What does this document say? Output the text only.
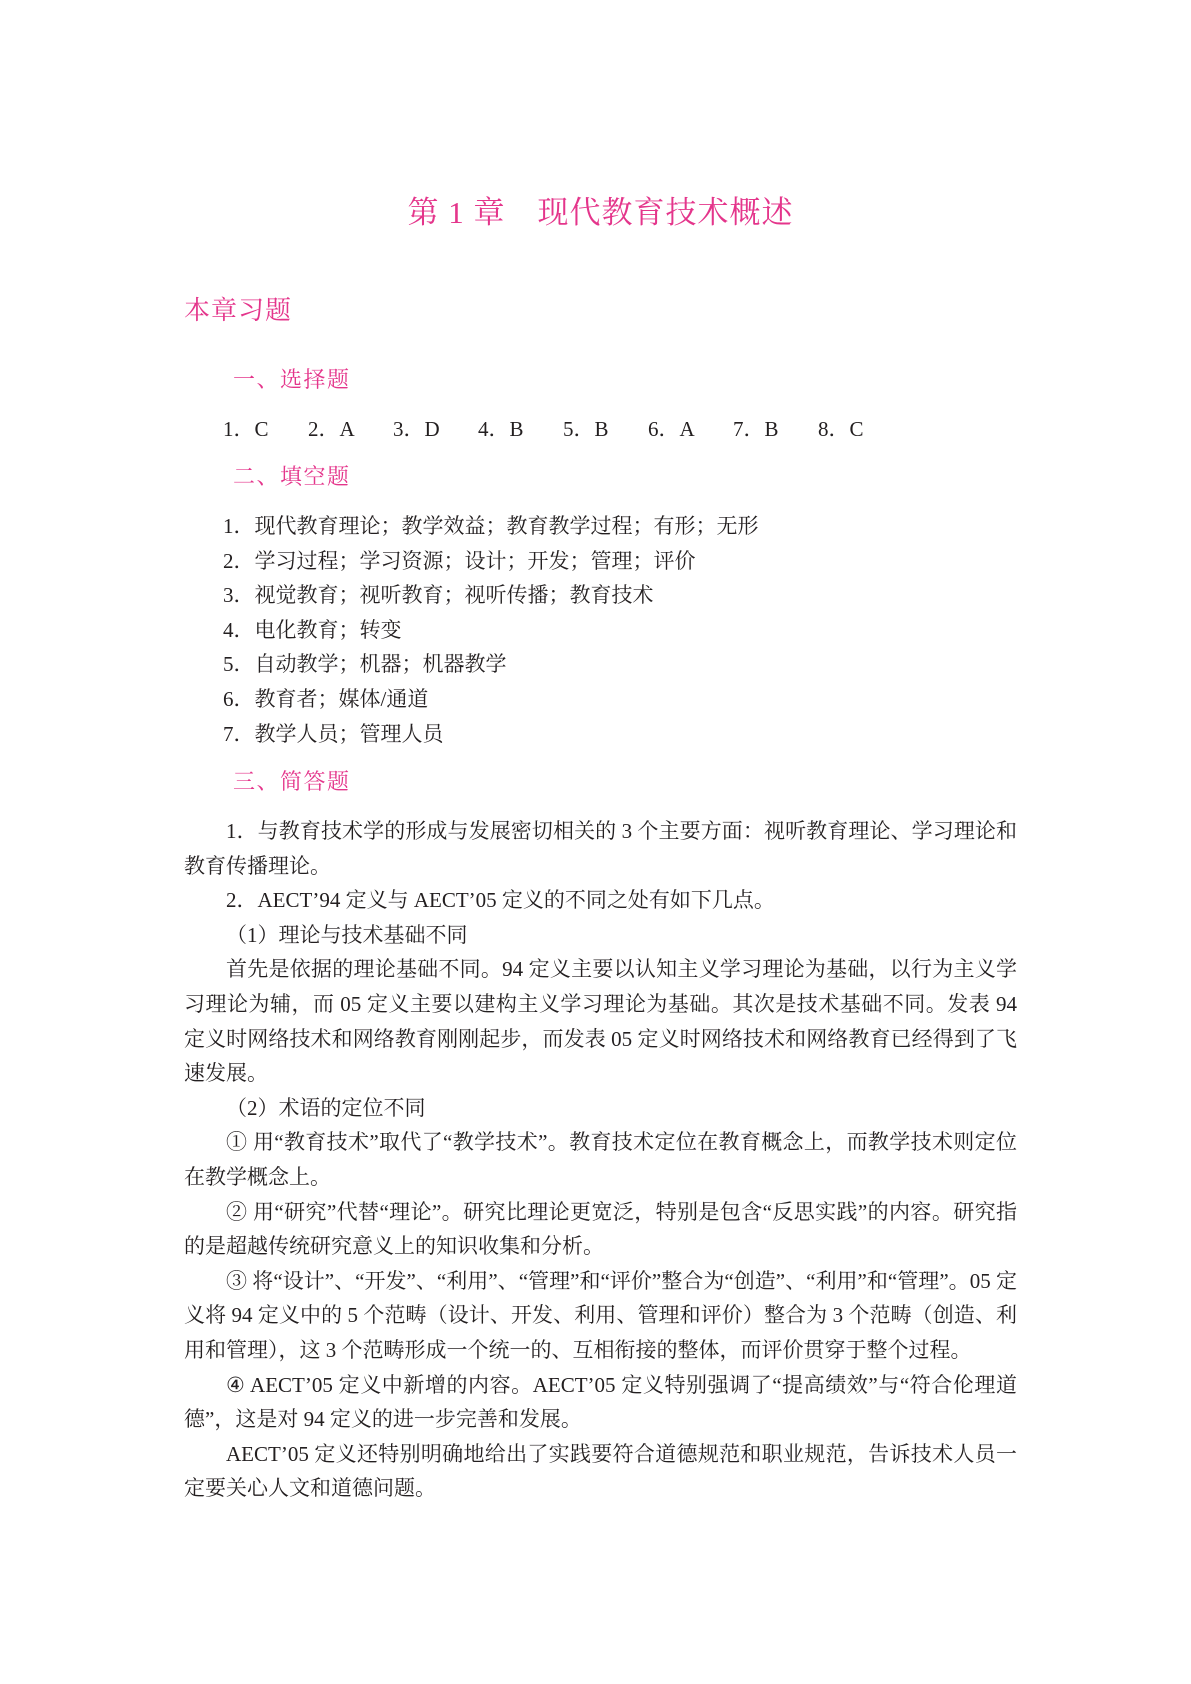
第 1 章　现代教育技术概述
本章习题
一、选择题
1．C	2．A	3．D	4．B	5．B	6．A	7．B	8．C
二、填空题

1．现代教育理论；教学效益；教育教学过程；有形；无形

2．学习过程；学习资源；设计；开发；管理；评价

3．视觉教育；视听教育；视听传播；教育技术

4．电化教育；转变

5．自动教学；机器；机器教学

6．教育者；媒体/通道

7．教学人员；管理人员

三、简答题

1．与教育技术学的形成与发展密切相关的 3 个主要方面：视听教育理论、学习理论和教育传播理论。

2．AECT’94 定义与 AECT’05 定义的不同之处有如下几点。

（1）理论与技术基础不同

首先是依据的理论基础不同。94 定义主要以认知主义学习理论为基础，以行为主义学习理论为辅，而 05 定义主要以建构主义学习理论为基础。其次是技术基础不同。发表 94 定义时网络技术和网络教育刚刚起步，而发表 05 定义时网络技术和网络教育已经得到了飞速发展。

（2）术语的定位不同

① 用“教育技术”取代了“教学技术”。教育技术定位在教育概念上，而教学技术则定位在教学概念上。

② 用“研究”代替“理论”。研究比理论更宽泛，特别是包含“反思实践”的内容。研究指的是超越传统研究意义上的知识收集和分析。

③ 将“设计”、“开发”、“利用”、“管理”和“评价”整合为“创造”、“利用”和“管理”。05 定义将 94 定义中的 5 个范畴（设计、开发、利用、管理和评价）整合为 3 个范畴（创造、利用和管理），这 3 个范畴形成一个统一的、互相衔接的整体，而评价贯穿于整个过程。

④ AECT’05 定义中新增的内容。AECT’05 定义特别强调了“提高绩效”与“符合伦理道德”，这是对 94 定义的进一步完善和发展。

AECT’05 定义还特别明确地给出了实践要符合道德规范和职业规范，告诉技术人员一定要关心人文和道德问题。
